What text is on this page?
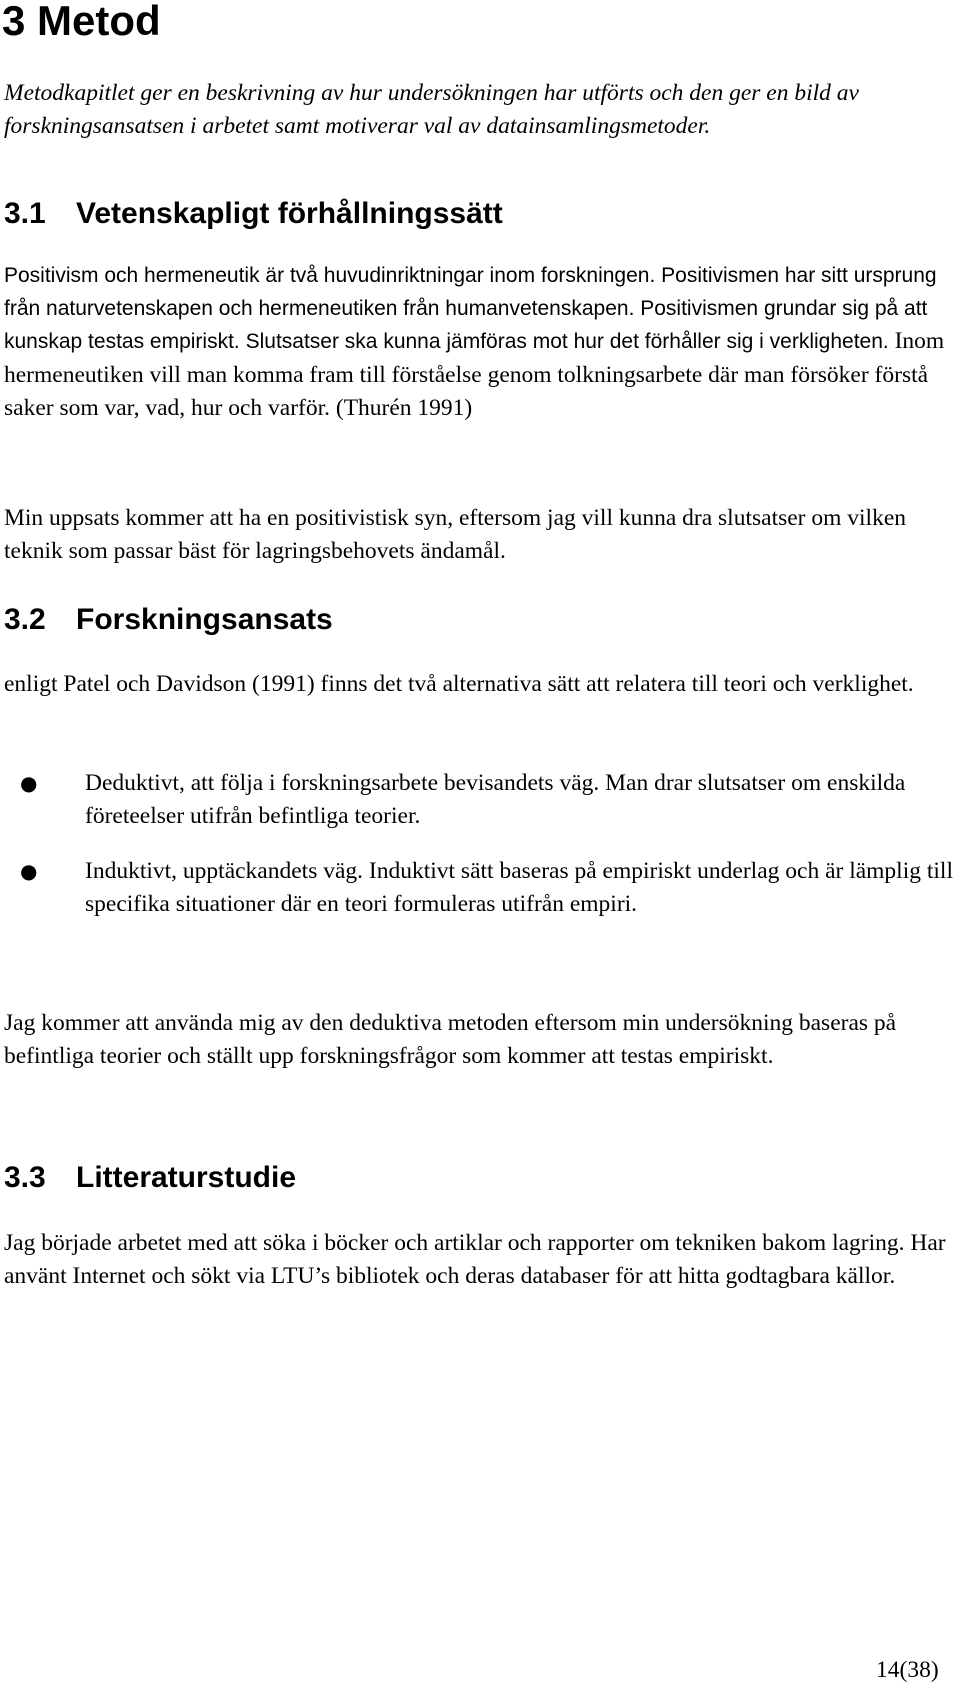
3 Metod

Metodkapitlet ger en beskrivning av hur undersökningen har utförts och den ger en bild av forskningsansatsen i arbetet samt motiverar val av datainsamlingsmetoder.

3.1 Vetenskapligt förhållningssätt

Positivism och hermeneutik är två huvudinriktningar inom forskningen. Positivismen har sitt ursprung från naturvetenskapen och hermeneutiken från humanvetenskapen. Positivismen grundar sig på att kunskap testas empiriskt. Slutsatser ska kunna jämföras mot hur det förhåller sig i verkligheten. Inom hermeneutiken vill man komma fram till förståelse genom tolkningsarbete där man försöker förstå saker som var, vad, hur och varför. (Thurén 1991)

Min uppsats kommer att ha en positivistisk syn, eftersom jag vill kunna dra slutsatser om vilken teknik som passar bäst för lagringsbehovets ändamål.

3.2 Forskningsansats

enligt Patel och Davidson (1991) finns det två alternativa sätt att relatera till teori och verklighet.

● Deduktivt, att följa i forskningsarbete bevisandets väg. Man drar slutsatser om enskilda företeelser utifrån befintliga teorier.

● Induktivt, upptäckandets väg. Induktivt sätt baseras på empiriskt underlag och är lämplig till specifika situationer där en teori formuleras utifrån empiri.

Jag kommer att använda mig av den deduktiva metoden eftersom min undersökning baseras på befintliga teorier och ställt upp forskningsfrågor som kommer att testas empiriskt.

3.3 Litteraturstudie

Jag började arbetet med att söka i böcker och artiklar och rapporter om tekniken bakom lagring. Har använt Internet och sökt via LTU’s bibliotek och deras databaser för att hitta godtagbara källor.

14(38)
